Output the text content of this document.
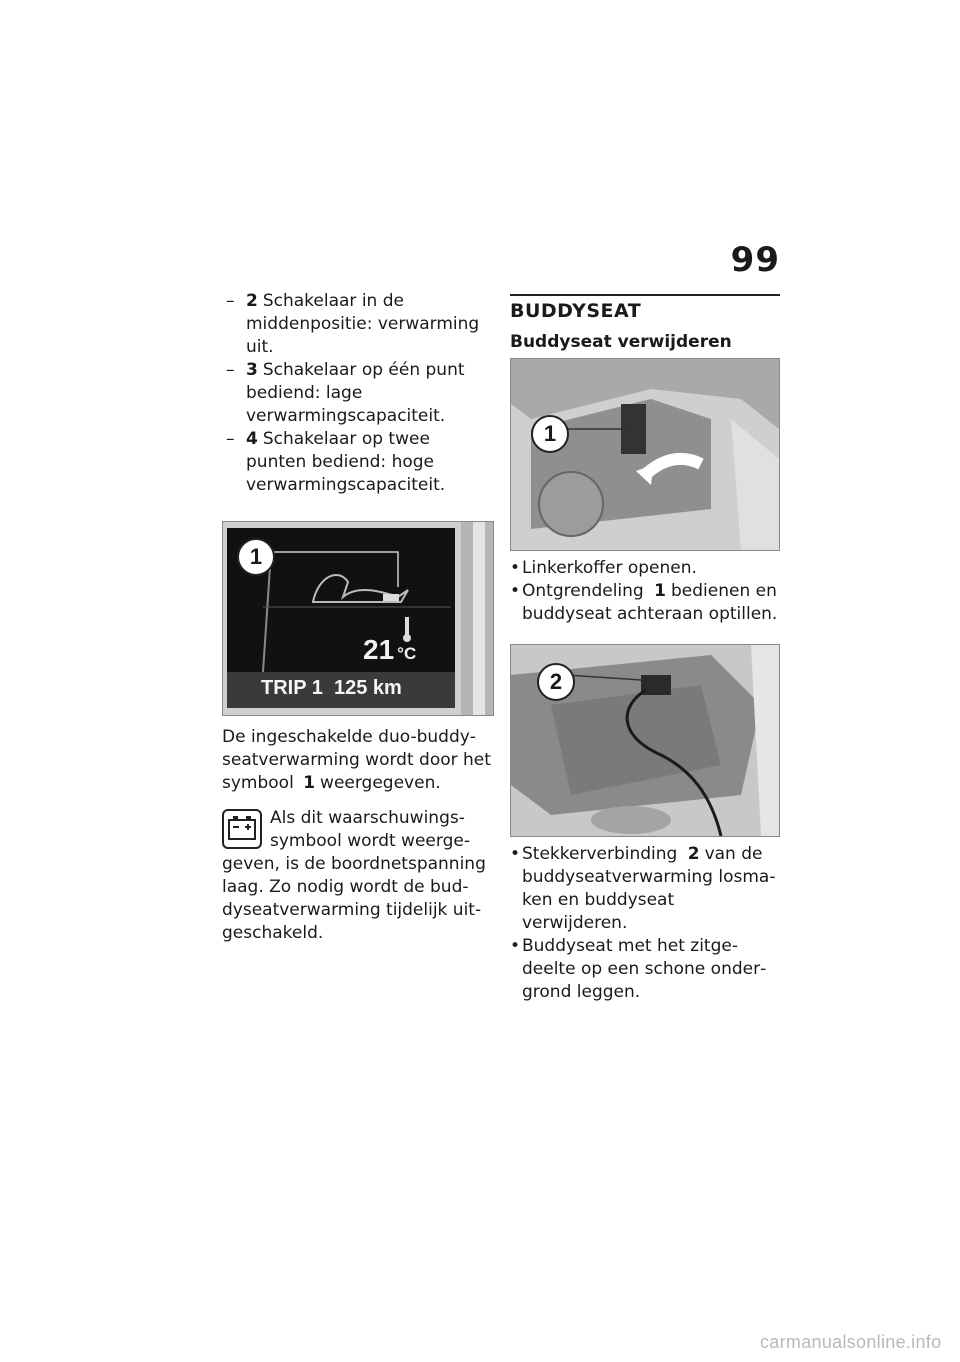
99
– 2 Schakelaar in de middenpositie: verwarming uit.
– 3 Schakelaar op één punt bediend: lage verwarmingscapaciteit.
– 4 Schakelaar op twee punten bediend: hoge verwarmingscapaciteit.
1
21 °C
TRIP 1  125 km

De ingeschakelde duo-buddyseatverwarming wordt door het symbool 1 weergegeven.

Als dit waarschuwingssymbool wordt weergegeven, is de boordnetspanning laag. Zo nodig wordt de buddyseatverwarming tijdelijk uitgeschakeld.

BUDDYSEAT
Buddyseat verwijderen
1
• Linkerkoffer openen.
• Ontgrendeling 1 bedienen en buddyseat achteraan optillen.
2
• Stekkerverbinding 2 van de buddyseatverwarming losmaken en buddyseat verwijderen.
• Buddyseat met het zitgedeelte op een schone ondergrond leggen.
carmanualsonline.info
